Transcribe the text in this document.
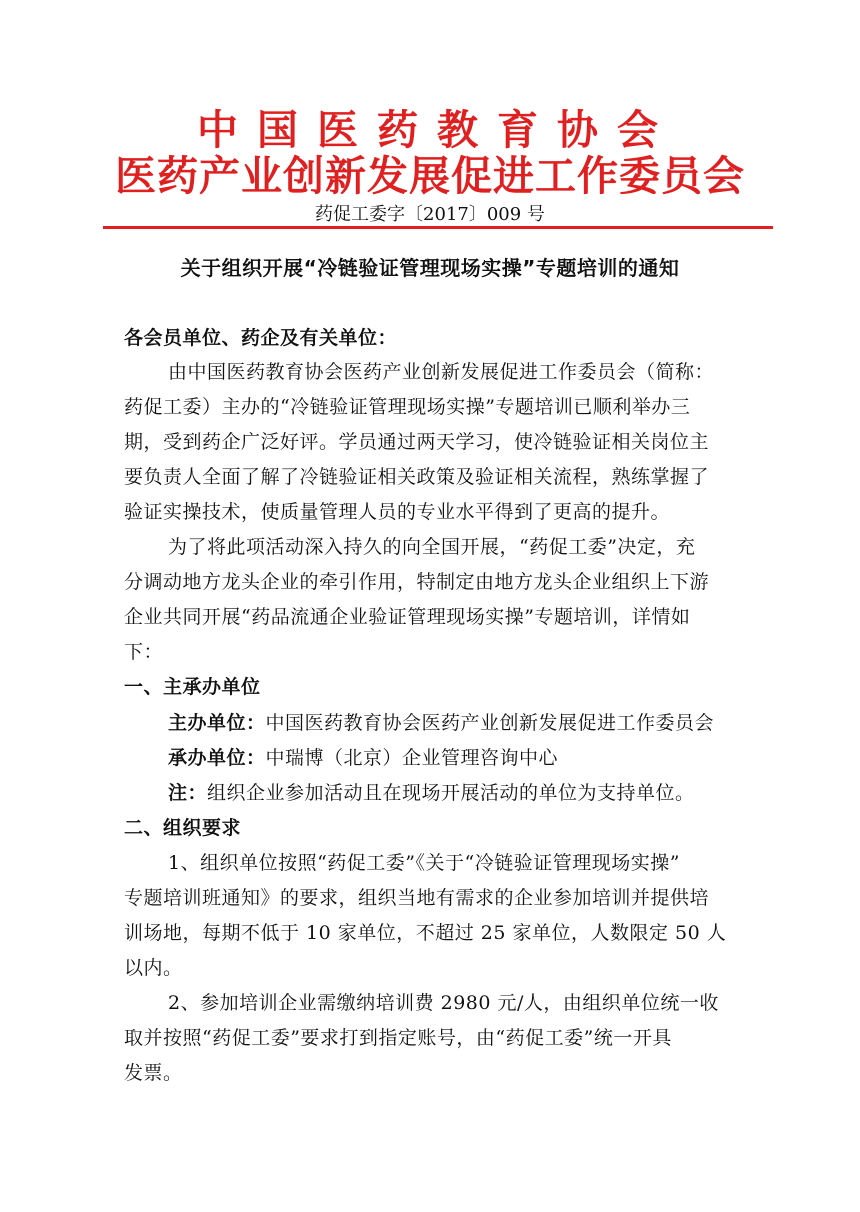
中国医药教育协会
医药产业创新发展促进工作委员会
药促工委字〔2017〕009 号
关于组织开展“冷链验证管理现场实操”专题培训的通知
各会员单位、药企及有关单位：
由中国医药教育协会医药产业创新发展促进工作委员会（简称：
药促工委）主办的“冷链验证管理现场实操”专题培训已顺利举办三
期，受到药企广泛好评。学员通过两天学习，使冷链验证相关岗位主
要负责人全面了解了冷链验证相关政策及验证相关流程，熟练掌握了
验证实操技术，使质量管理人员的专业水平得到了更高的提升。
为了将此项活动深入持久的向全国开展，“药促工委”决定，充
分调动地方龙头企业的牵引作用，特制定由地方龙头企业组织上下游
企业共同开展“药品流通企业验证管理现场实操”专题培训，详情如
下：
一、主承办单位
主办单位：中国医药教育协会医药产业创新发展促进工作委员会
承办单位：中瑞博（北京）企业管理咨询中心
注：组织企业参加活动且在现场开展活动的单位为支持单位。
二、组织要求
1、组织单位按照“药促工委”《关于“冷链验证管理现场实操”
专题培训班通知》的要求，组织当地有需求的企业参加培训并提供培
训场地，每期不低于 10 家单位，不超过 25 家单位，人数限定 50 人
以内。
2、参加培训企业需缴纳培训费 2980 元/人，由组织单位统一收
取并按照“药促工委”要求打到指定账号，由“药促工委”统一开具
发票。
